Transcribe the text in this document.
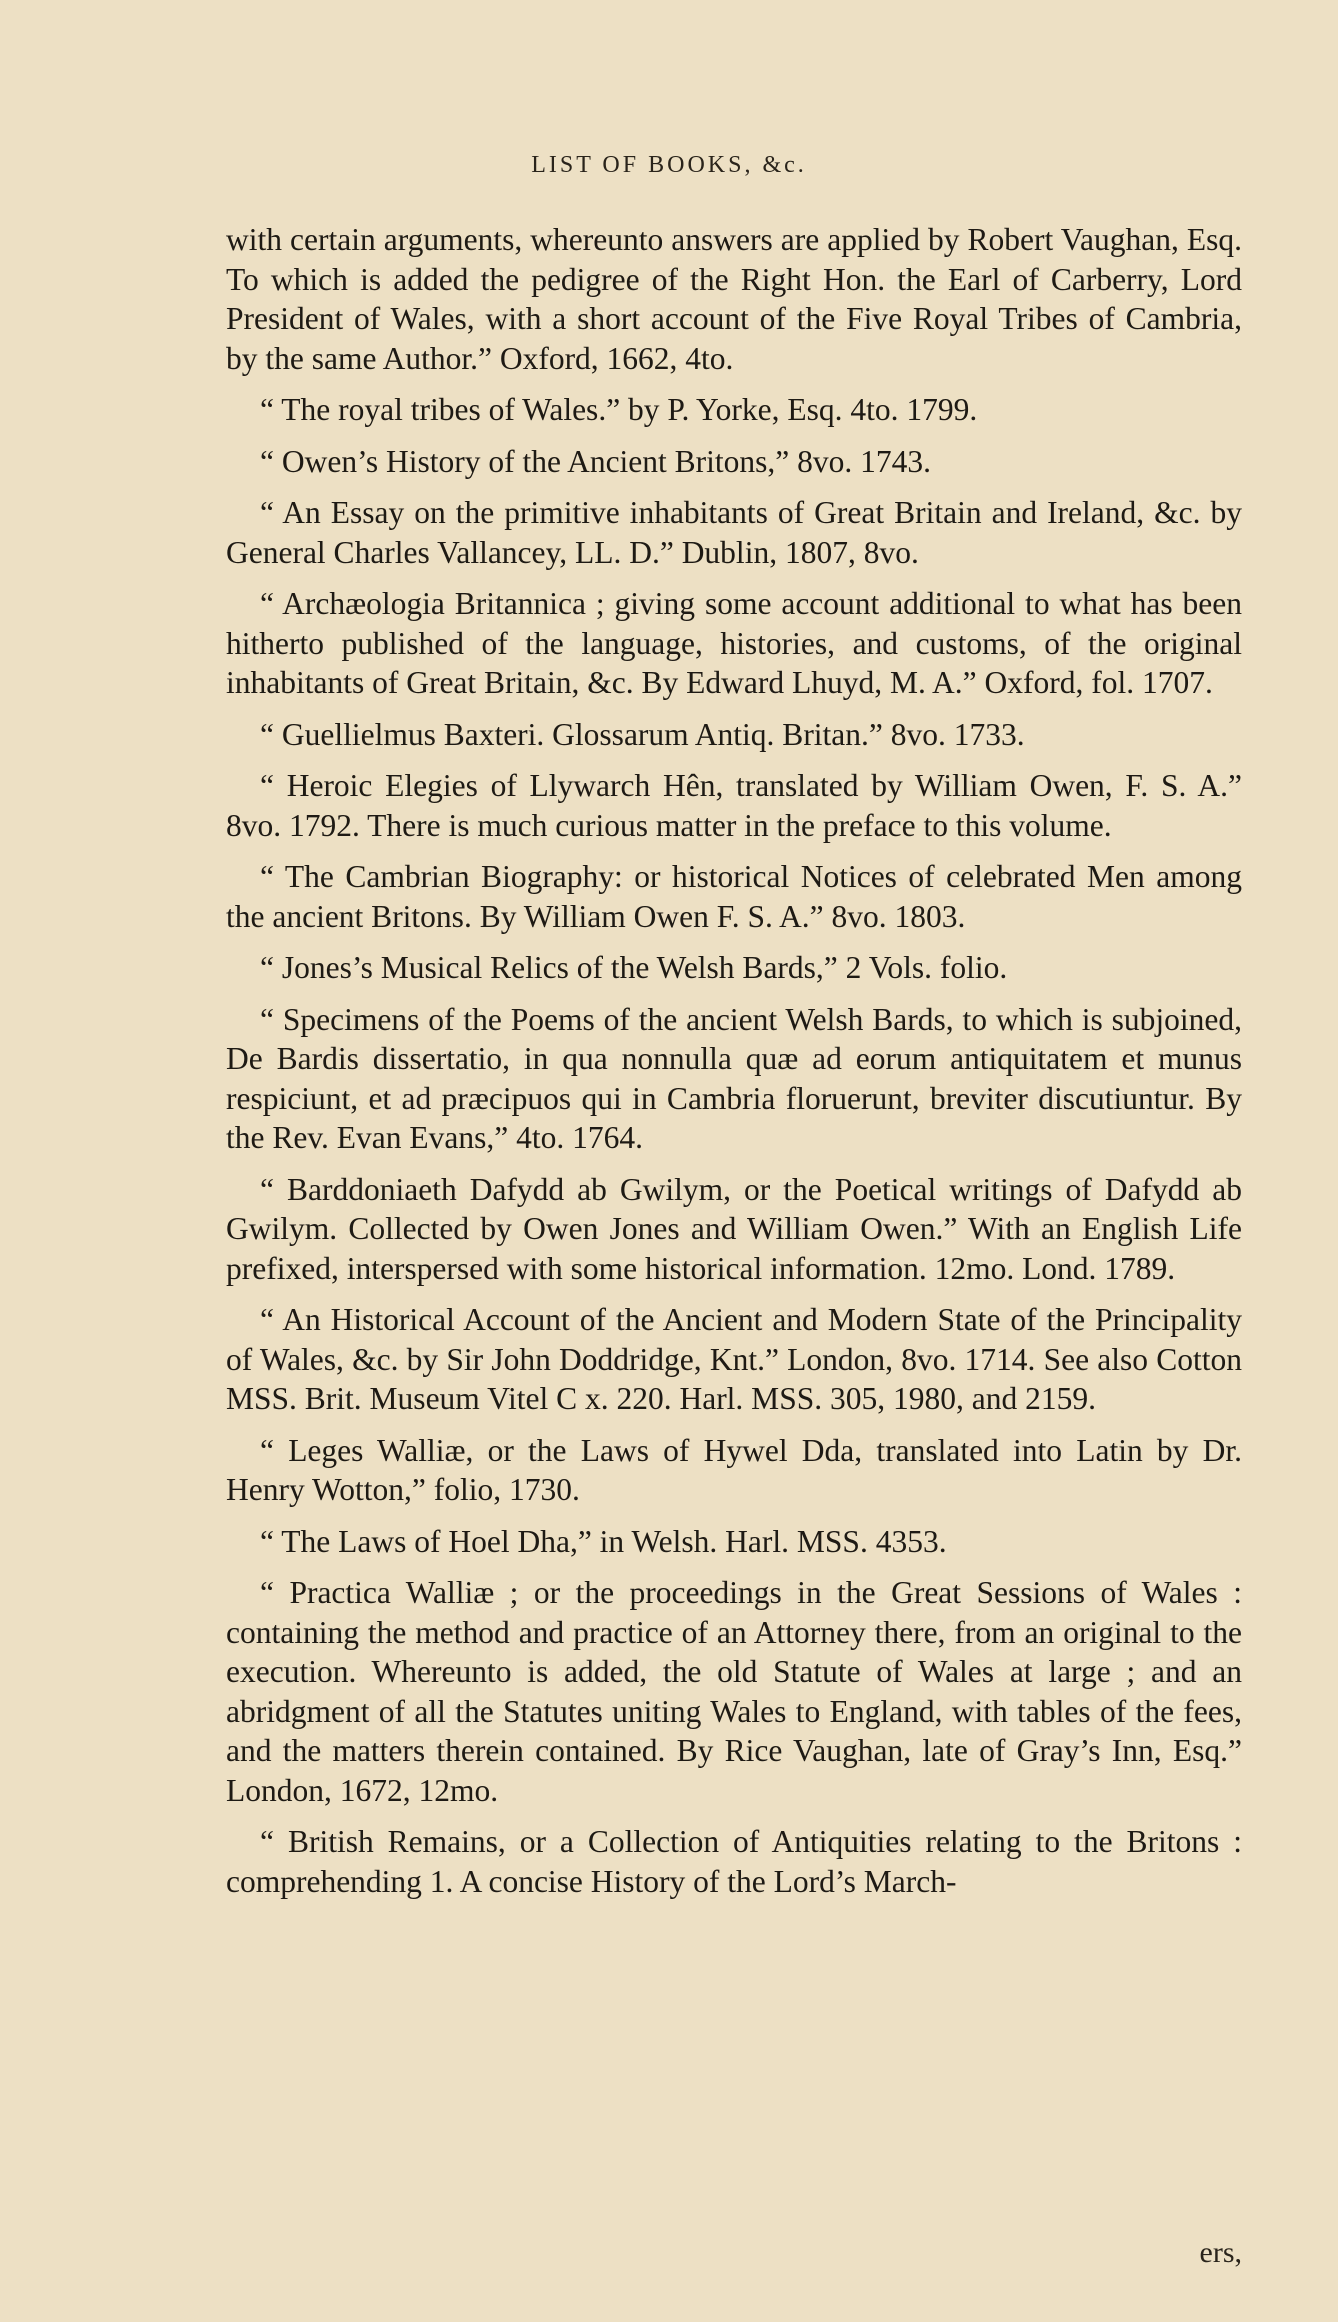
LIST OF BOOKS, &c.

with certain arguments, whereunto answers are applied by Robert Vaughan, Esq. To which is added the pedigree of the Right Hon. the Earl of Carberry, Lord President of Wales, with a short account of the Five Royal Tribes of Cambria, by the same Author.” Oxford, 1662, 4to.

“ The royal tribes of Wales.” by P. Yorke, Esq. 4to. 1799.

“ Owen’s History of the Ancient Britons,” 8vo. 1743.

“ An Essay on the primitive inhabitants of Great Britain and Ireland, &c. by General Charles Vallancey, LL. D.” Dublin, 1807, 8vo.

“ Archæologia Britannica ; giving some account additional to what has been hitherto published of the language, histories, and customs, of the original inhabitants of Great Britain, &c. By Edward Lhuyd, M. A.” Oxford, fol. 1707.

“ Guellielmus Baxteri. Glossarum Antiq. Britan.” 8vo. 1733.

“ Heroic Elegies of Llywarch Hên, translated by William Owen, F. S. A.” 8vo. 1792. There is much curious matter in the preface to this volume.

“ The Cambrian Biography: or historical Notices of celebrated Men among the ancient Britons. By William Owen F. S. A.” 8vo. 1803.

“ Jones’s Musical Relics of the Welsh Bards,” 2 Vols. folio.

“ Specimens of the Poems of the ancient Welsh Bards, to which is subjoined, De Bardis dissertatio, in qua nonnulla quæ ad eorum antiquitatem et munus respiciunt, et ad præcipuos qui in Cambria floruerunt, breviter discutiuntur. By the Rev. Evan Evans,” 4to. 1764.

“ Barddoniaeth Dafydd ab Gwilym, or the Poetical writings of Dafydd ab Gwilym. Collected by Owen Jones and William Owen.” With an English Life prefixed, interspersed with some historical information. 12mo. Lond. 1789.

“ An Historical Account of the Ancient and Modern State of the Principality of Wales, &c. by Sir John Doddridge, Knt.” London, 8vo. 1714. See also Cotton MSS. Brit. Museum Vitel C x. 220. Harl. MSS. 305, 1980, and 2159.

“ Leges Walliæ, or the Laws of Hywel Dda, translated into Latin by Dr. Henry Wotton,” folio, 1730.

“ The Laws of Hoel Dha,” in Welsh. Harl. MSS. 4353.

“ Practica Walliæ ; or the proceedings in the Great Sessions of Wales : containing the method and practice of an Attorney there, from an original to the execution. Whereunto is added, the old Statute of Wales at large ; and an abridgment of all the Statutes uniting Wales to England, with tables of the fees, and the matters therein contained. By Rice Vaughan, late of Gray’s Inn, Esq.” London, 1672, 12mo.

“ British Remains, or a Collection of Antiquities relating to the Britons : comprehending 1. A concise History of the Lord’s March-

ers,
